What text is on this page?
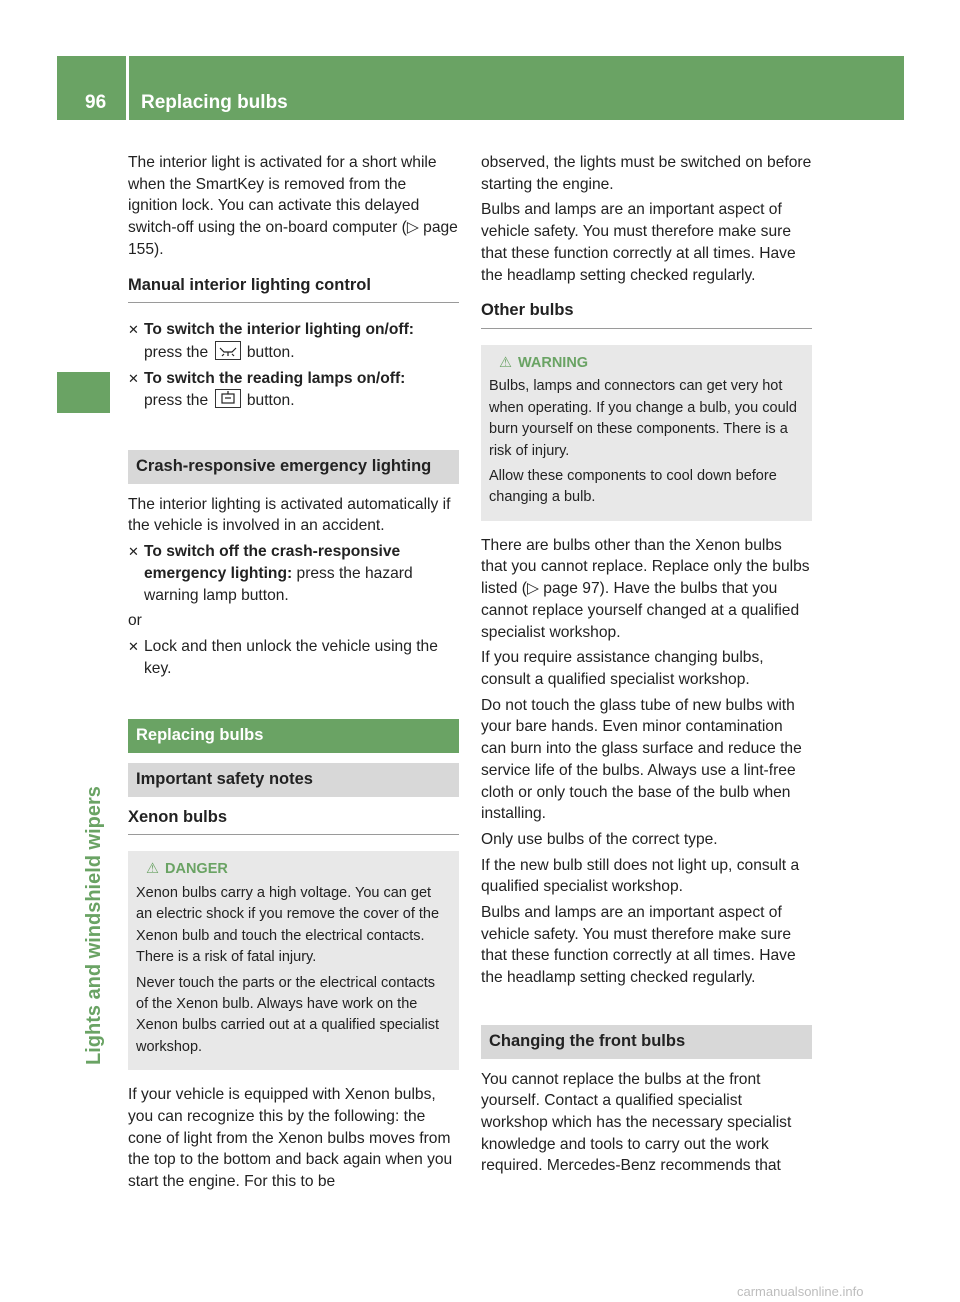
96 Replacing bulbs
Lights and windshield wipers

The interior light is activated for a short while when the SmartKey is removed from the ignition lock. You can activate this delayed switch-off using the on-board computer (▷ page 155).

Manual interior lighting control
✕ To switch the interior lighting on/off:
press the button.
✕ To switch the reading lamps on/off:
press the button.
Crash-responsive emergency lighting

The interior lighting is activated automatically if the vehicle is involved in an accident.

✕ To switch off the crash-responsive emergency lighting: press the hazard warning lamp button.

or

✕ Lock and then unlock the vehicle using the key.
Replacing bulbs
Important safety notes
Xenon bulbs
⚠ DANGER

Xenon bulbs carry a high voltage. You can get an electric shock if you remove the cover of the Xenon bulb and touch the electrical contacts. There is a risk of fatal injury.

Never touch the parts or the electrical contacts of the Xenon bulb. Always have work on the Xenon bulbs carried out at a qualified specialist workshop.

If your vehicle is equipped with Xenon bulbs, you can recognize this by the following: the cone of light from the Xenon bulbs moves from the top to the bottom and back again when you start the engine. For this to be

observed, the lights must be switched on before starting the engine.

Bulbs and lamps are an important aspect of vehicle safety. You must therefore make sure that these function correctly at all times. Have the headlamp setting checked regularly.

Other bulbs
⚠ WARNING

Bulbs, lamps and connectors can get very hot when operating. If you change a bulb, you could burn yourself on these components. There is a risk of injury.

Allow these components to cool down before changing a bulb.

There are bulbs other than the Xenon bulbs that you cannot replace. Replace only the bulbs listed (▷ page 97). Have the bulbs that you cannot replace yourself changed at a qualified specialist workshop.

If you require assistance changing bulbs, consult a qualified specialist workshop.

Do not touch the glass tube of new bulbs with your bare hands. Even minor contamination can burn into the glass surface and reduce the service life of the bulbs. Always use a lint-free cloth or only touch the base of the bulb when installing.

Only use bulbs of the correct type.

If the new bulb still does not light up, consult a qualified specialist workshop.

Bulbs and lamps are an important aspect of vehicle safety. You must therefore make sure that these function correctly at all times. Have the headlamp setting checked regularly.

Changing the front bulbs

You cannot replace the bulbs at the front yourself. Contact a qualified specialist workshop which has the necessary specialist knowledge and tools to carry out the work required. Mercedes-Benz recommends that

carmanualsonline.info
